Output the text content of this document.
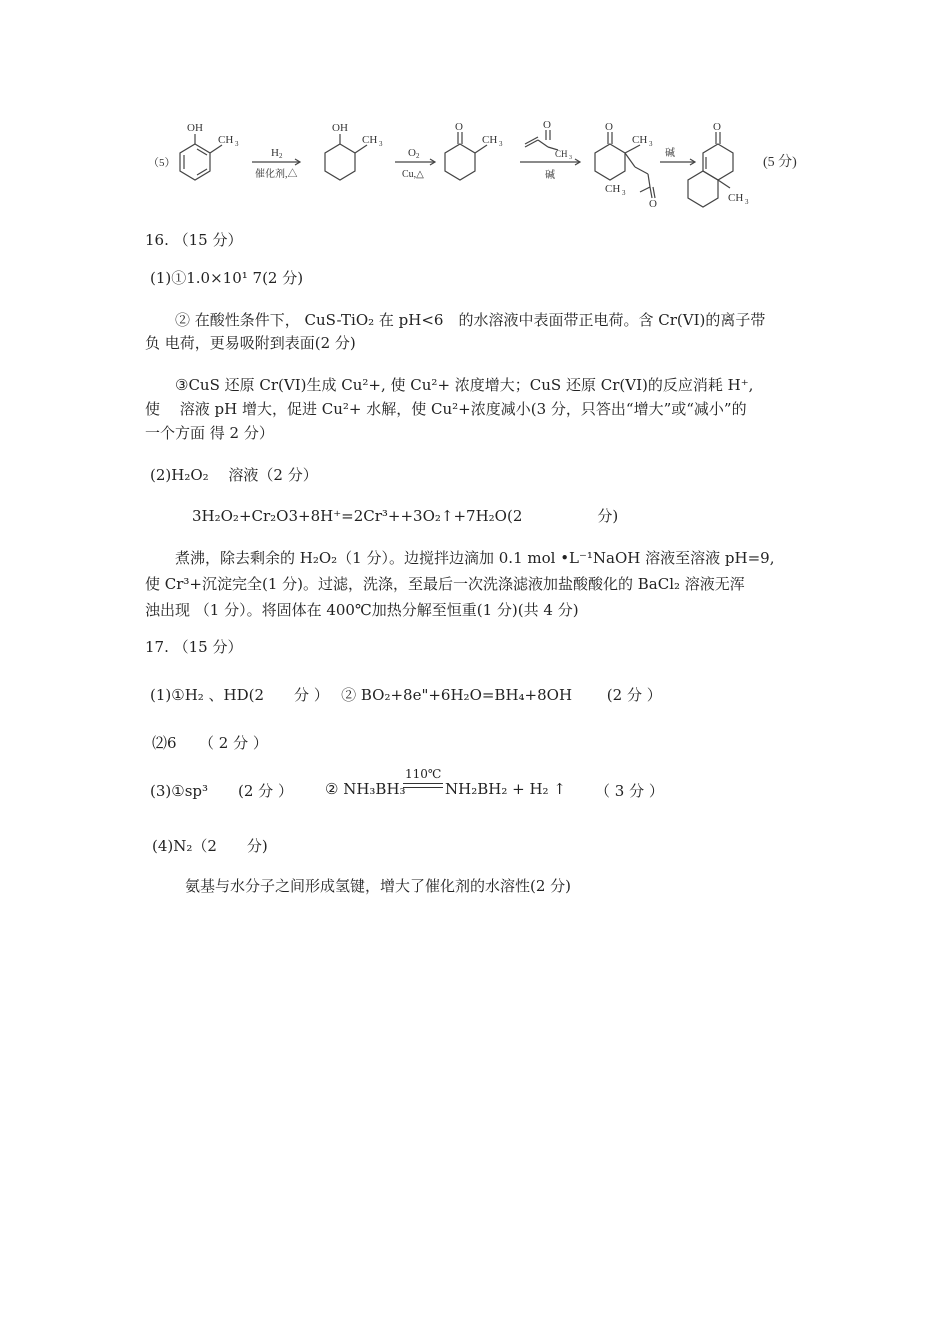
（5）
OH
CH 3
H 2
催化剂,△
OH
CH 3
O 2
Cu,△
O
CH 3
O
CH 3
碱
O
CH 3
CH 3
O
碱
O
CH 3
(5 分)
16. （15 分）
(1)①1.0×10¹ 7(2 分)
② 在酸性条件下， CuS-TiO₂ 在 pH<6　的水溶液中表面带正电荷。含 Cr(VI)的离子带
负 电荷，更易吸附到表面(2 分)
③CuS 还原 Cr(VI)生成 Cu²+, 使 Cu²+ 浓度增大；CuS 还原 Cr(VI)的反应消耗 H⁺,
使　 溶液 pH 增大，促进 Cu²+ 水解，使 Cu²+浓度减小(3 分，只答出“增大”或“减小”的
一个方面 得 2 分）
(2)H₂O₂　 溶液（2 分）
3H₂O₂+Cr₂O3+8H⁺=2Cr³++3O₂↑+7H₂O(2　　　　　分)
煮沸，除去剩余的 H₂O₂（1 分）。边搅拌边滴加 0.1 mol •L⁻¹NaOH 溶液至溶液 pH=9,
使 Cr³+沉淀完全(1 分)。过滤，洗涤，至最后一次洗涤滤液加盐酸酸化的 BaCl₂ 溶液无浑
浊出现 （1 分）。将固体在 400℃加热分解至恒重(1 分)(共 4 分)
17. （15 分）
(1)①H₂ 、HD(2　　分 ）　 ② BO₂+8e"+6H₂O=BH₄+8OH　　 (2 分 ）
⑵6　　（ 2 分 ）
(3)①sp³　　(2 分 ） ② NH₃BH₃
110℃
NH₂BH₂ + H₂ ↑ （ 3 分 ）
(4)N₂（2　　分)
氨基与水分子之间形成氢键，增大了催化剂的水溶性(2 分)
